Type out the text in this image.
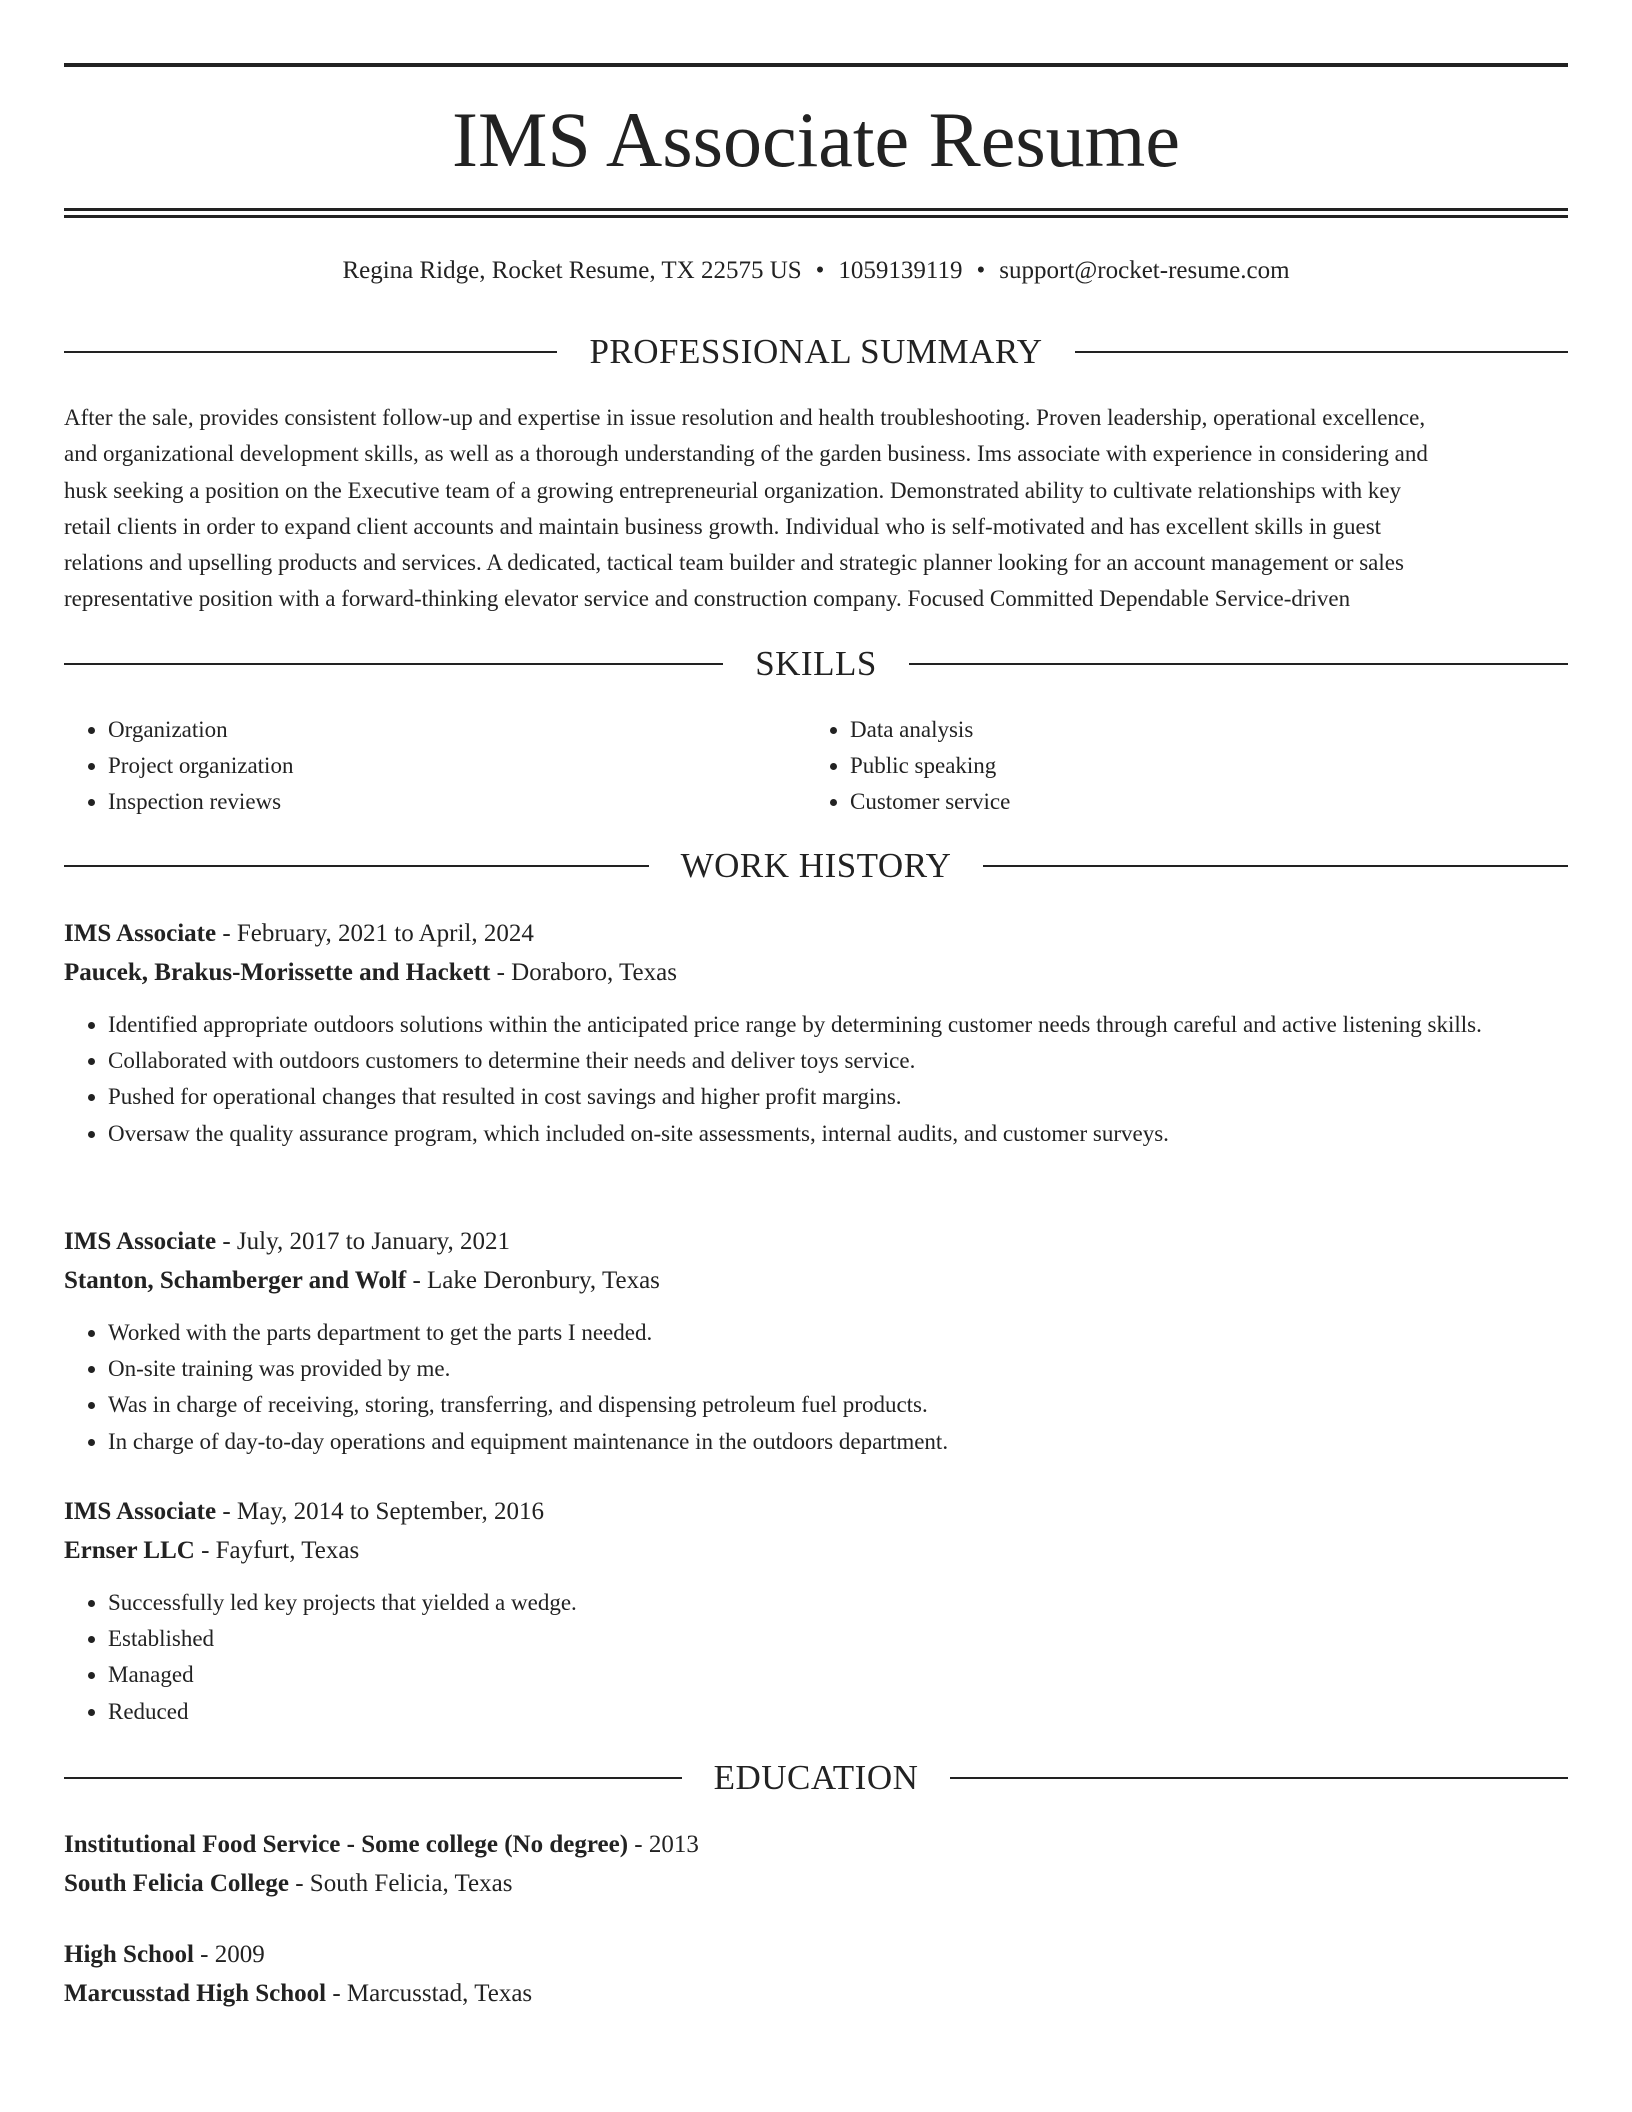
IMS Associate Resume
Regina Ridge, Rocket Resume, TX 22575 US • 1059139119 • support@rocket-resume.com
PROFESSIONAL SUMMARY
After the sale, provides consistent follow-up and expertise in issue resolution and health troubleshooting. Proven leadership, operational excellence,
and organizational development skills, as well as a thorough understanding of the garden business. Ims associate with experience in considering and
husk seeking a position on the Executive team of a growing entrepreneurial organization. Demonstrated ability to cultivate relationships with key
retail clients in order to expand client accounts and maintain business growth. Individual who is self-motivated and has excellent skills in guest
relations and upselling products and services. A dedicated, tactical team builder and strategic planner looking for an account management or sales
representative position with a forward-thinking elevator service and construction company. Focused Committed Dependable Service-driven
SKILLS
• Organization
• Project organization
• Inspection reviews
• Data analysis
• Public speaking
• Customer service
WORK HISTORY
IMS Associate - February, 2021 to April, 2024
Paucek, Brakus-Morissette and Hackett - Doraboro, Texas
• Identified appropriate outdoors solutions within the anticipated price range by determining customer needs through careful and active listening skills.
• Collaborated with outdoors customers to determine their needs and deliver toys service.
• Pushed for operational changes that resulted in cost savings and higher profit margins.
• Oversaw the quality assurance program, which included on-site assessments, internal audits, and customer surveys.
IMS Associate - July, 2017 to January, 2021
Stanton, Schamberger and Wolf - Lake Deronbury, Texas
• Worked with the parts department to get the parts I needed.
• On-site training was provided by me.
• Was in charge of receiving, storing, transferring, and dispensing petroleum fuel products.
• In charge of day-to-day operations and equipment maintenance in the outdoors department.
IMS Associate - May, 2014 to September, 2016
Ernser LLC - Fayfurt, Texas
• Successfully led key projects that yielded a wedge.
• Established
• Managed
• Reduced
EDUCATION
Institutional Food Service - Some college (No degree) - 2013
South Felicia College - South Felicia, Texas
High School - 2009
Marcusstad High School - Marcusstad, Texas
